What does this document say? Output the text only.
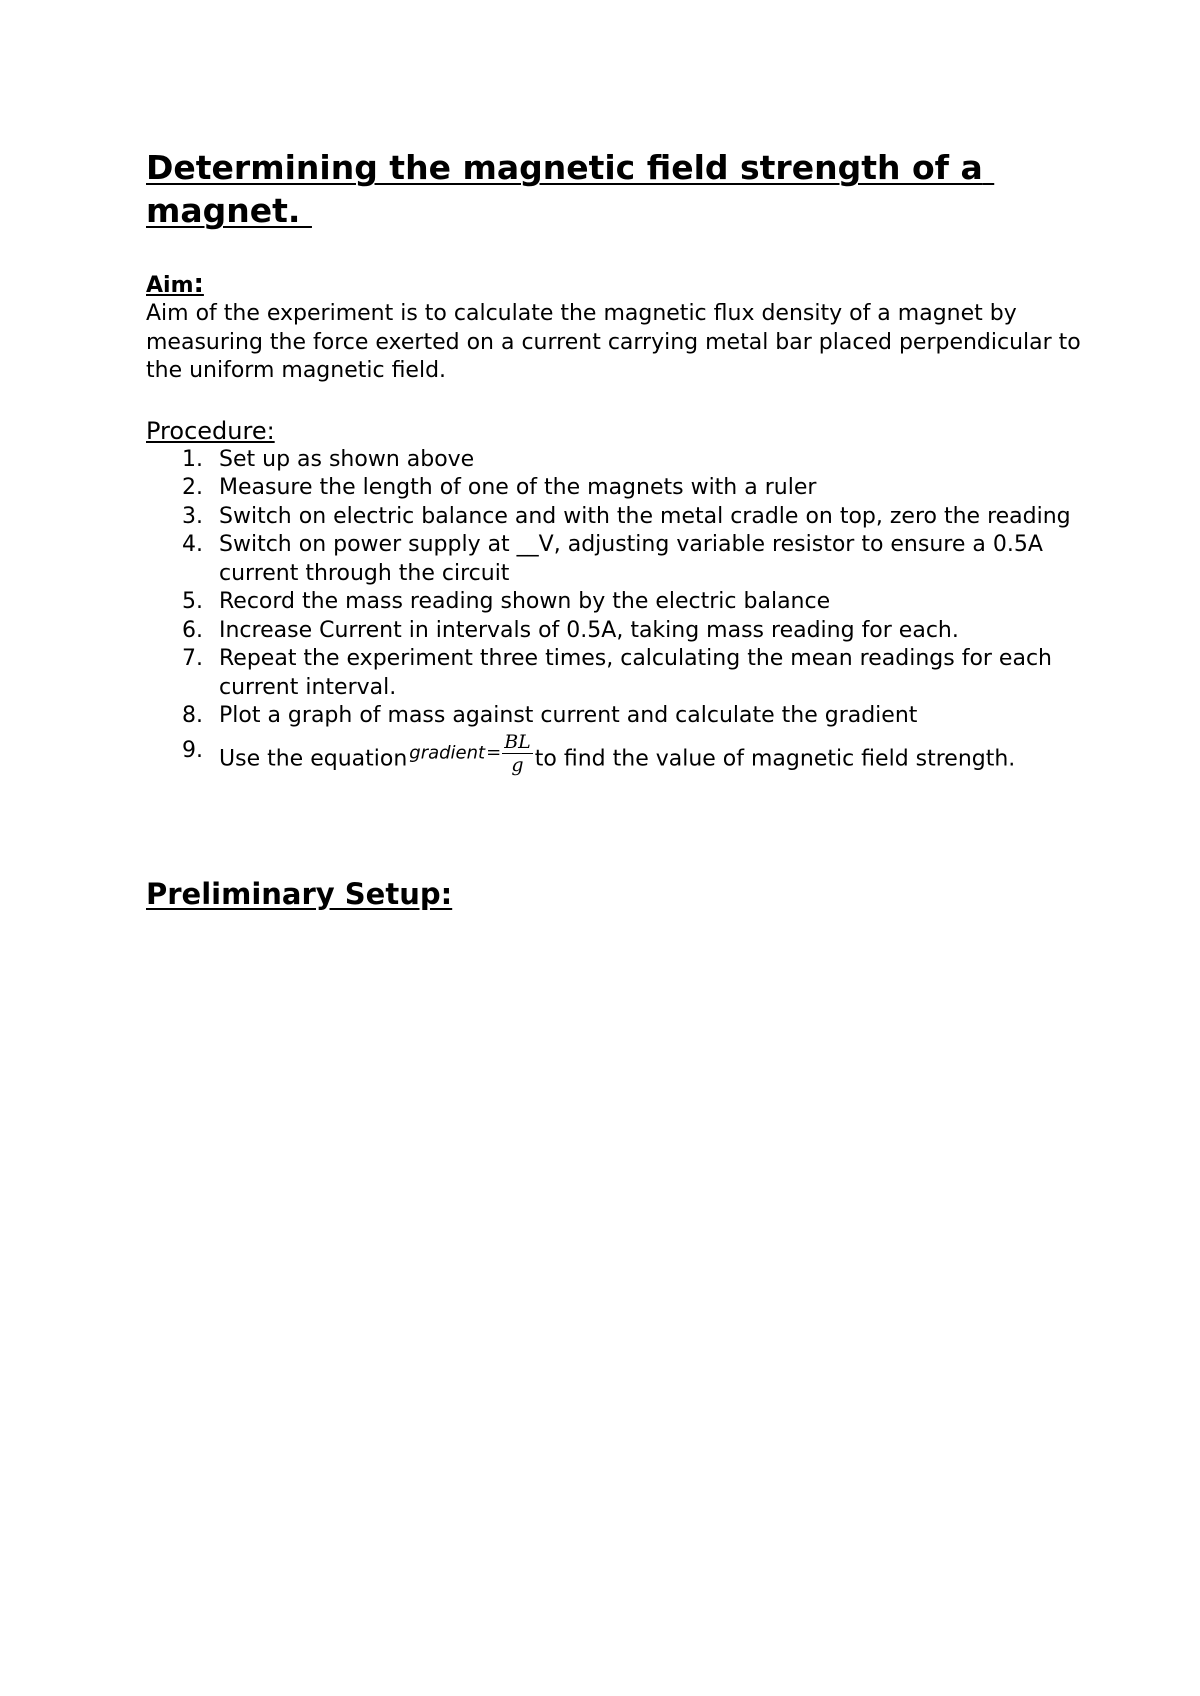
Determining the magnetic field strength of a magnet.
Aim:

Aim of the experiment is to calculate the magnetic flux density of a magnet by measuring the force exerted on a current carrying metal bar placed perpendicular to the uniform magnetic field.

Procedure:
1. Set up as shown above
2. Measure the length of one of the magnets with a ruler
3. Switch on electric balance and with the metal cradle on top, zero the reading
4. Switch on power supply at __V, adjusting variable resistor to ensure a 0.5A current through the circuit
5. Record the mass reading shown by the electric balance
6. Increase Current in intervals of 0.5A, taking mass reading for each.
7. Repeat the experiment three times, calculating the mean readings for each current interval.
8. Plot a graph of mass against current and calculate the gradient
9. Use the equation gradient= $\frac{BL}{g}$ to find the value of magnetic field strength.
Preliminary Setup:
